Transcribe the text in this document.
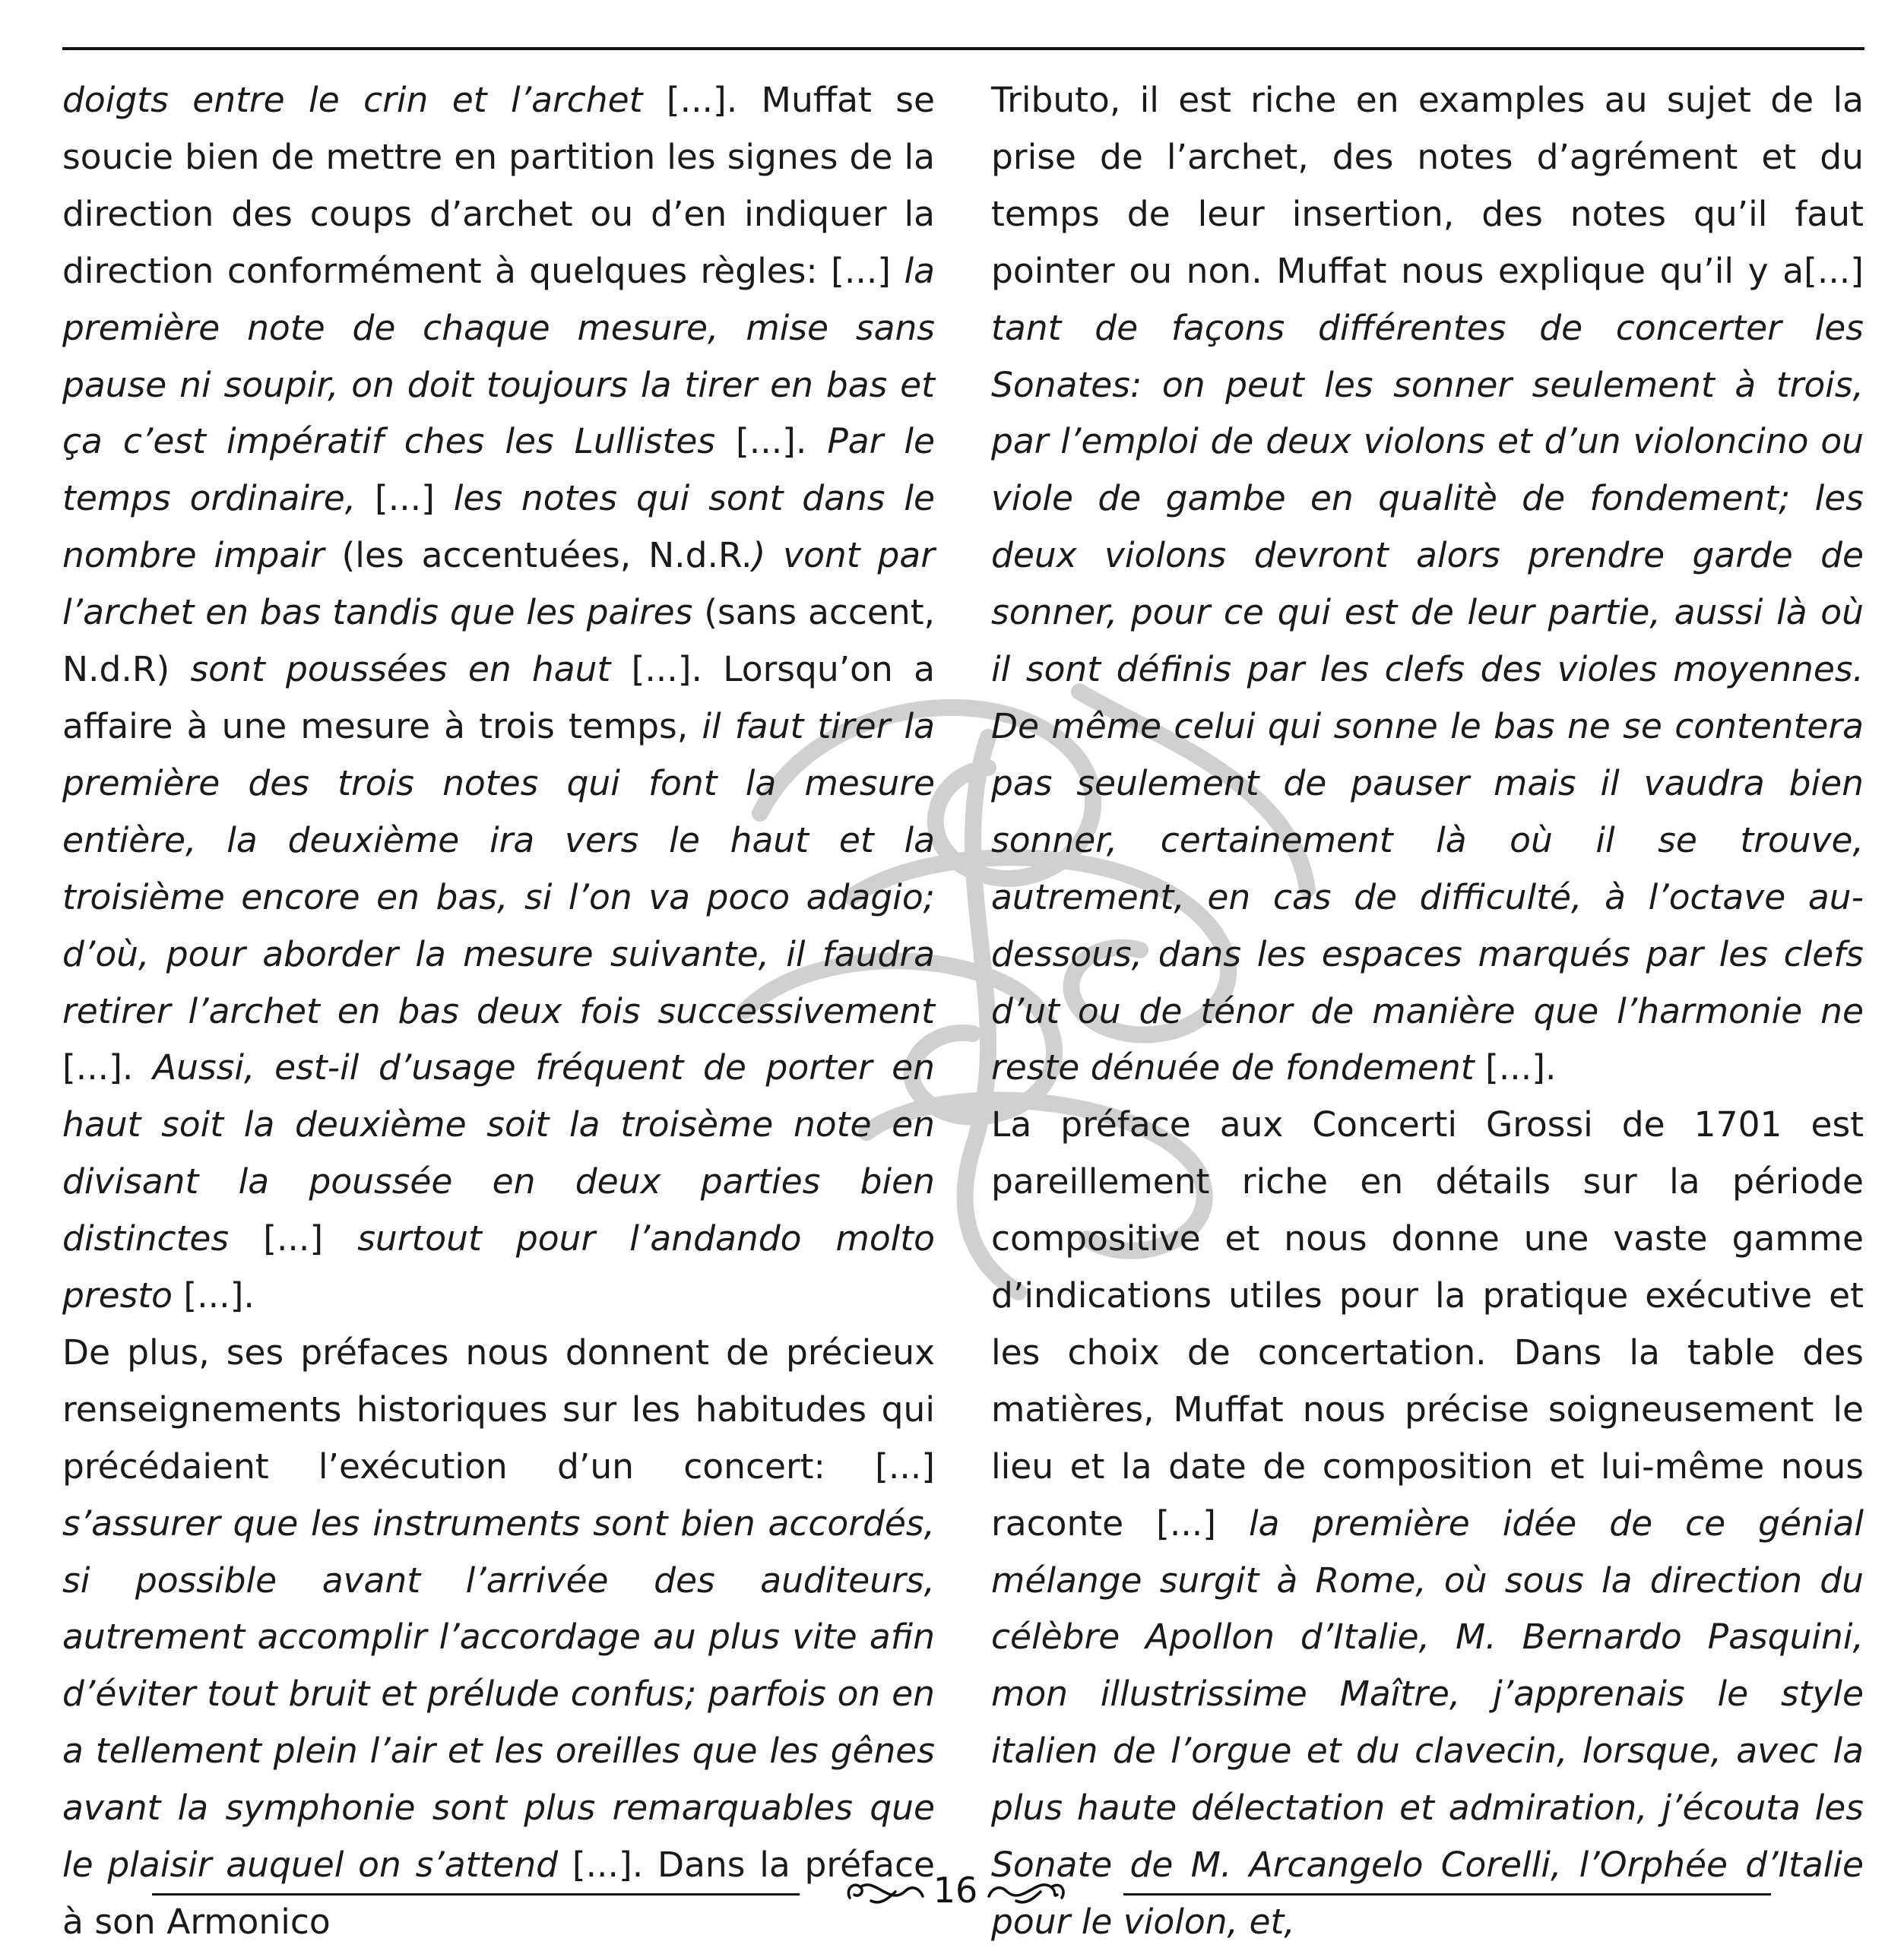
doigts entre le crin et l’archet [...]. Muffat se soucie bien de mettre en partition les signes de la direction des coups d’archet ou d’en indiquer la direction conformément à quelques règles: [...] la première note de chaque mesure, mise sans pause ni soupir, on doit toujours la tirer en bas et ça c’est impératif ches les Lullistes [...]. Par le temps ordinaire, [...] les notes qui sont dans le nombre impair (les accentuées, N.d.R.) vont par l’archet en bas tandis que les paires (sans accent, N.d.R) sont poussées en haut [...]. Lorsqu’on a affaire à une mesure à trois temps, il faut tirer la première des trois notes qui font la mesure entière, la deuxième ira vers le haut et la troisième encore en bas, si l’on va poco adagio; d’où, pour aborder la mesure suivante, il faudra retirer l’archet en bas deux fois successivement [...]. Aussi, est-il d’usage fréquent de porter en haut soit la deuxième soit la troisème note en divisant la poussée en deux parties bien distinctes [...] surtout pour l’andando molto presto [...].

De plus, ses préfaces nous donnent de précieux renseignements historiques sur les habitudes qui précédaient l’exécution d’un concert: [...] s’assurer que les instruments sont bien accordés, si possible avant l’arrivée des auditeurs, autrement accomplir l’accordage au plus vite afin d’éviter tout bruit et prélude confus; parfois on en a tellement plein l’air et les oreilles que les gênes avant la symphonie sont plus remarquables que le plaisir auquel on s’attend [...]. Dans la préface à son Armonico

Tributo, il est riche en examples au sujet de la prise de l’archet, des notes d’agrément et du temps de leur insertion, des notes qu’il faut pointer ou non. Muffat nous explique qu’il y a[...] tant de façons différentes de concerter les Sonates: on peut les sonner seulement à trois, par l’emploi de deux violons et d’un violoncino ou viole de gambe en qualitè de fondement; les deux violons devront alors prendre garde de sonner, pour ce qui est de leur partie, aussi là où il sont définis par les clefs des violes moyennes. De même celui qui sonne le bas ne se contentera pas seulement de pauser mais il vaudra bien sonner, certainement là où il se trouve, autrement, en cas de difficulté, à l’octave au-dessous, dans les espaces marqués par les clefs d’ut ou de ténor de manière que l’harmonie ne reste dénuée de fondement [...].

La préface aux Concerti Grossi de 1701 est pareillement riche en détails sur la période compositive et nous donne une vaste gamme d’indications utiles pour la pratique exécutive et les choix de concertation. Dans la table des matières, Muffat nous précise soigneusement le lieu et la date de composition et lui-même nous raconte [...] la première idée de ce génial mélange surgit à Rome, où sous la direction du célèbre Apollon d’Italie, M. Bernardo Pasquini, mon illustrissime Maître, j’apprenais le style italien de l’orgue et du clavecin, lorsque, avec la plus haute délectation et admiration, j’écouta les Sonate de M. Arcangelo Corelli, l’Orphée d’Italie pour le violon, et,

16
